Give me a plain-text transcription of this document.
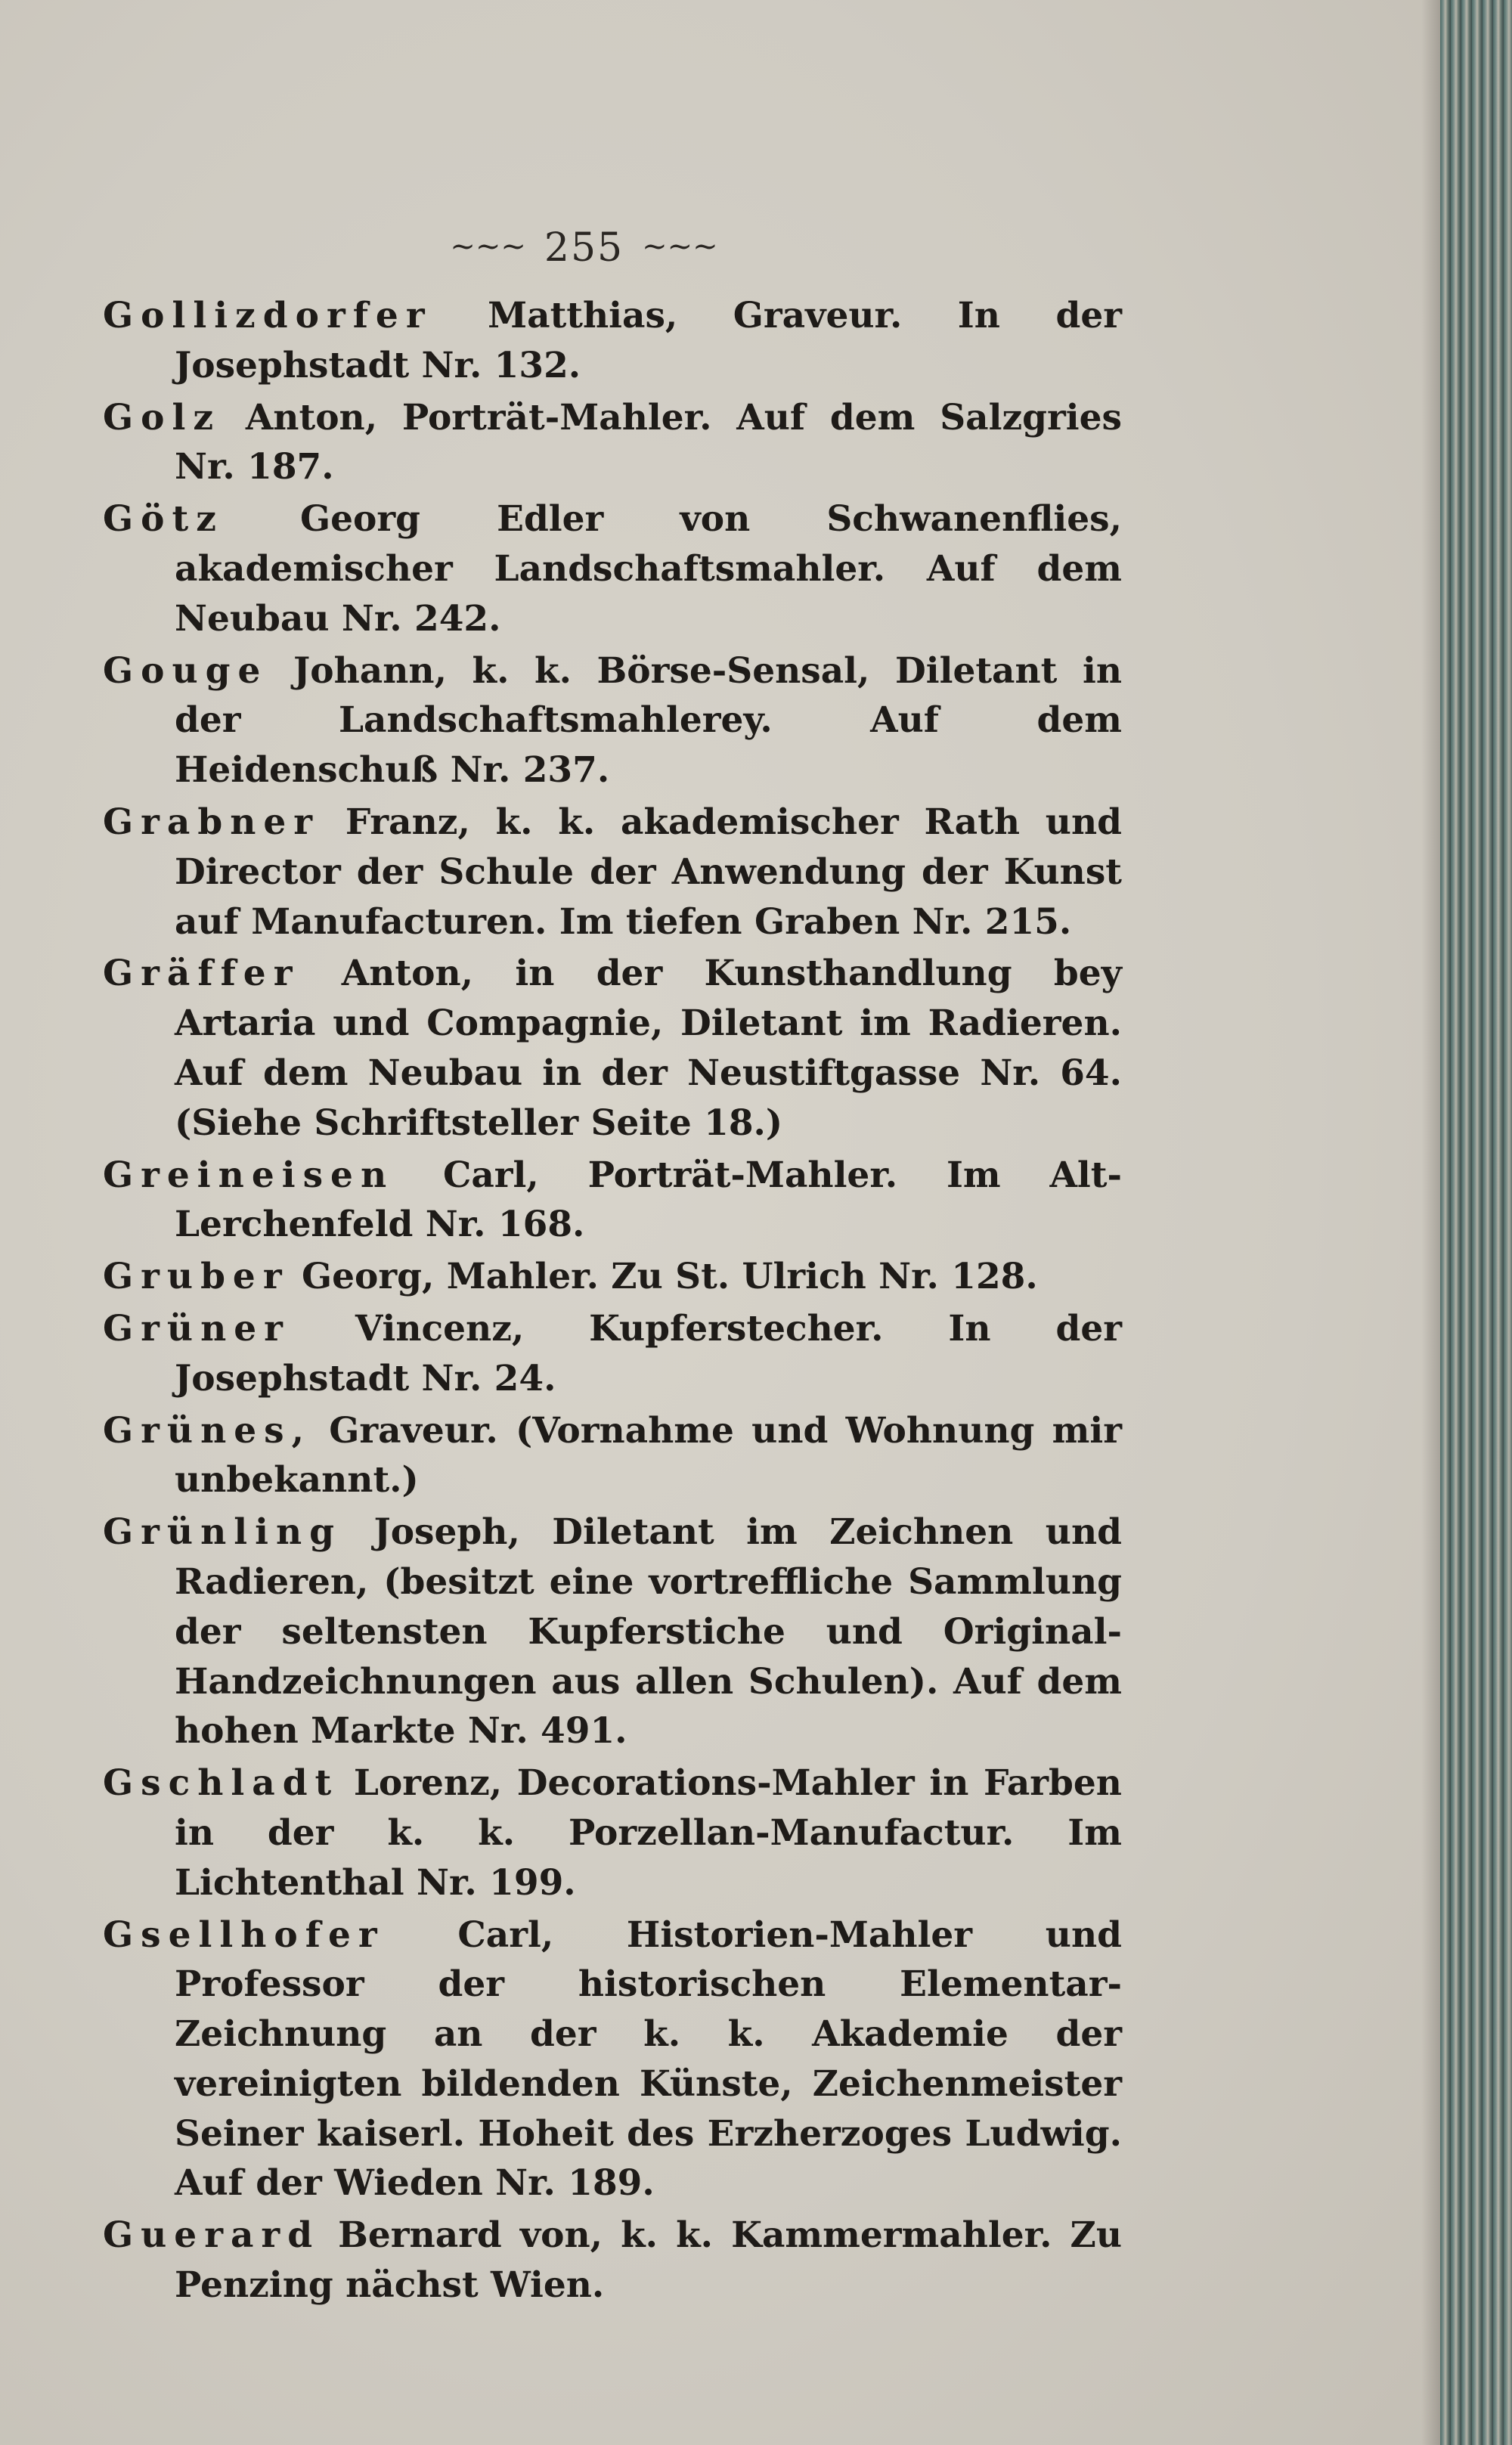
~~~ 255 ~~~

Gollizdorfer Matthias, Graveur. In der Josephstadt Nr. 132.

Golz Anton, Porträt-Mahler. Auf dem Salzgries Nr. 187.

Götz Georg Edler von Schwanenflies, akademischer Landschaftsmahler. Auf dem Neubau Nr. 242.

Gouge Johann, k. k. Börse-Sensal, Diletant in der Landschaftsmahlerey. Auf dem Heidenschuß Nr. 237.

Grabner Franz, k. k. akademischer Rath und Director der Schule der Anwendung der Kunst auf Manufacturen. Im tiefen Graben Nr. 215.

Gräffer Anton, in der Kunsthandlung bey Artaria und Compagnie, Diletant im Radieren. Auf dem Neubau in der Neustiftgasse Nr. 64. (Siehe Schriftsteller Seite 18.)

Greineisen Carl, Porträt-Mahler. Im Alt-Lerchenfeld Nr. 168.

Gruber Georg, Mahler. Zu St. Ulrich Nr. 128.

Grüner Vincenz, Kupferstecher. In der Josephstadt Nr. 24.

Grünes, Graveur. (Vornahme und Wohnung mir unbekannt.)

Grünling Joseph, Diletant im Zeichnen und Radieren, (besitzt eine vortreffliche Sammlung der seltensten Kupferstiche und Original-Handzeichnungen aus allen Schulen). Auf dem hohen Markte Nr. 491.

Gschladt Lorenz, Decorations-Mahler in Farben in der k. k. Porzellan-Manufactur. Im Lichtenthal Nr. 199.

Gsellhofer Carl, Historien-Mahler und Professor der historischen Elementar-Zeichnung an der k. k. Akademie der vereinigten bildenden Künste, Zeichenmeister Seiner kaiserl. Hoheit des Erzherzoges Ludwig. Auf der Wieden Nr. 189.

Guerard Bernard von, k. k. Kammermahler. Zu Penzing nächst Wien.
